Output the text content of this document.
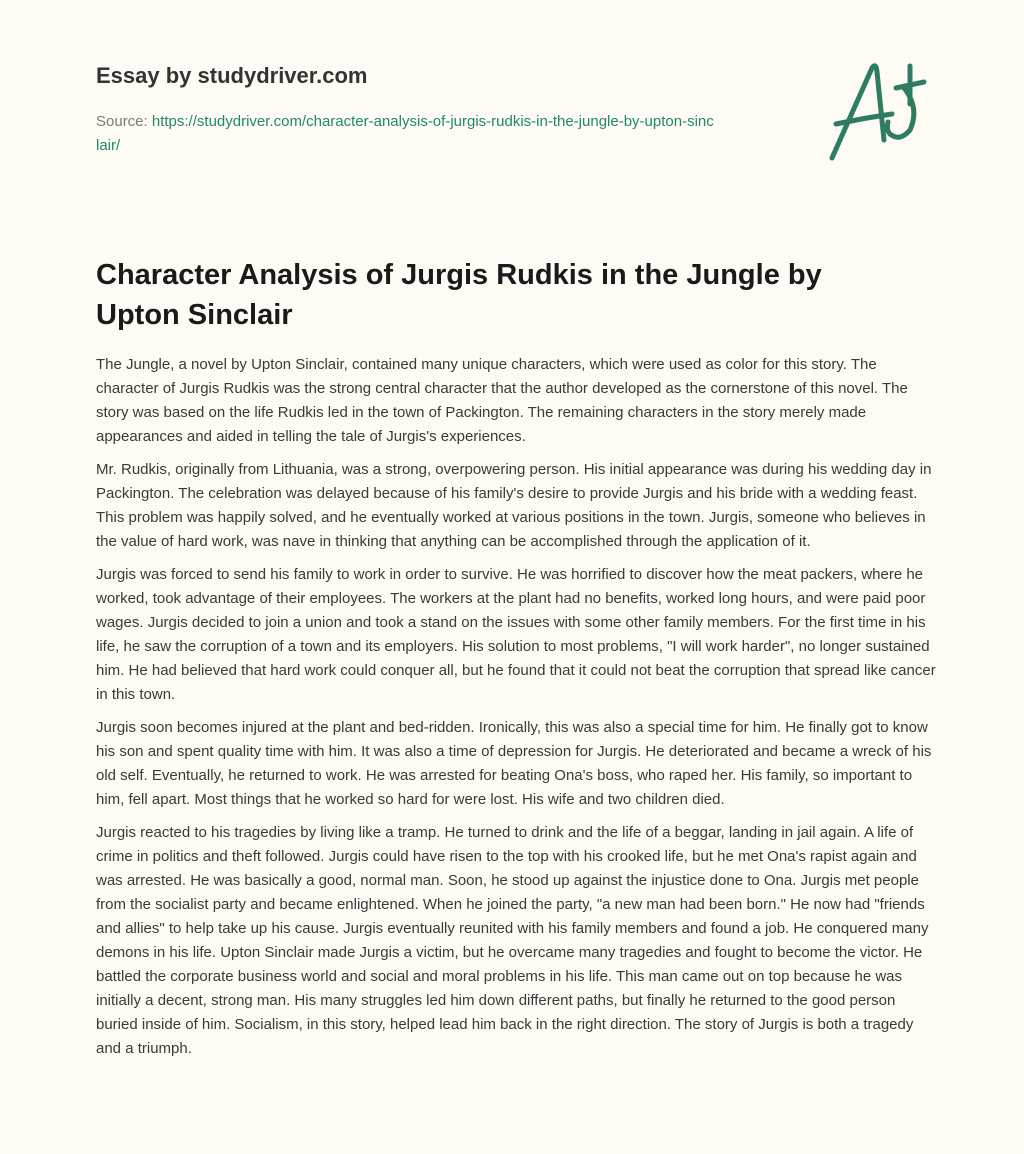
Essay by studydriver.com
Source: https://studydriver.com/character-analysis-of-jurgis-rudkis-in-the-jungle-by-upton-sinclair/
Character Analysis of Jurgis Rudkis in the Jungle by Upton Sinclair

The Jungle, a novel by Upton Sinclair, contained many unique characters, which were used as color for this story. The character of Jurgis Rudkis was the strong central character that the author developed as the cornerstone of this novel. The story was based on the life Rudkis led in the town of Packington. The remaining characters in the story merely made appearances and aided in telling the tale of Jurgis's experiences.

Mr. Rudkis, originally from Lithuania, was a strong, overpowering person. His initial appearance was during his wedding day in Packington. The celebration was delayed because of his family's desire to provide Jurgis and his bride with a wedding feast. This problem was happily solved, and he eventually worked at various positions in the town. Jurgis, someone who believes in the value of hard work, was nave in thinking that anything can be accomplished through the application of it.

Jurgis was forced to send his family to work in order to survive. He was horrified to discover how the meat packers, where he worked, took advantage of their employees. The workers at the plant had no benefits, worked long hours, and were paid poor wages. Jurgis decided to join a union and took a stand on the issues with some other family members. For the first time in his life, he saw the corruption of a town and its employers. His solution to most problems, "I will work harder", no longer sustained him. He had believed that hard work could conquer all, but he found that it could not beat the corruption that spread like cancer in this town.

Jurgis soon becomes injured at the plant and bed-ridden. Ironically, this was also a special time for him. He finally got to know his son and spent quality time with him. It was also a time of depression for Jurgis. He deteriorated and became a wreck of his old self. Eventually, he returned to work. He was arrested for beating Ona's boss, who raped her. His family, so important to him, fell apart. Most things that he worked so hard for were lost. His wife and two children died.

Jurgis reacted to his tragedies by living like a tramp. He turned to drink and the life of a beggar, landing in jail again. A life of crime in politics and theft followed. Jurgis could have risen to the top with his crooked life, but he met Ona's rapist again and was arrested. He was basically a good, normal man. Soon, he stood up against the injustice done to Ona. Jurgis met people from the socialist party and became enlightened. When he joined the party, "a new man had been born." He now had "friends and allies" to help take up his cause. Jurgis eventually reunited with his family members and found a job. He conquered many demons in his life. Upton Sinclair made Jurgis a victim, but he overcame many tragedies and fought to become the victor. He battled the corporate business world and social and moral problems in his life. This man came out on top because he was initially a decent, strong man. His many struggles led him down different paths, but finally he returned to the good person buried inside of him. Socialism, in this story, helped lead him back in the right direction. The story of Jurgis is both a tragedy and a triumph.
